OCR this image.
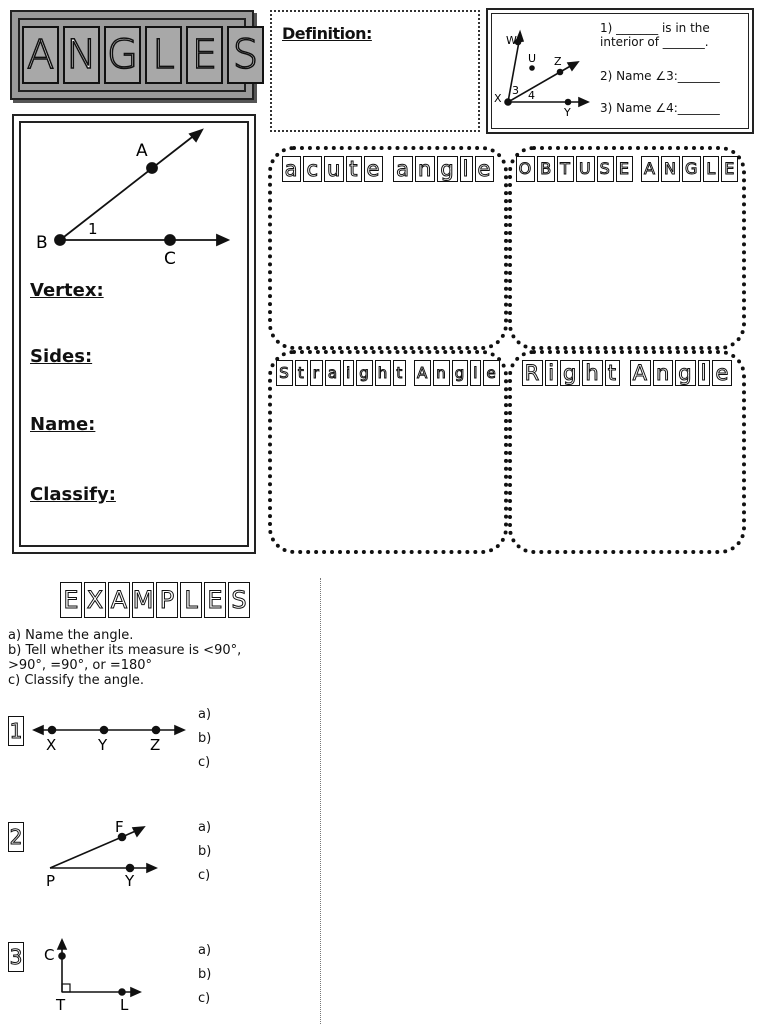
A N G L E S	Definition:	W
U Z
X
Y
3 4
1) _______ is in the
interior of _______.
2) Name ∠3:_______
3) Name ∠4:_______
A
B
C
1
Vertex:
Sides:
Name:
Classify:
a c u t e a n g l e	O B T U S E A N G L E
S t r a i g h t A n g l e	R i g h t A n g l e
E X A M P L E S
a) Name the angle.
b) Tell whether its measure is <90°,
>90°, =90°, or =180°
c) Classify the angle.
1
X	Y	Z
a)
b)
c)
2	F
P	Y
a)
b)
c)
3 C
T	L
a)
b)
c)
